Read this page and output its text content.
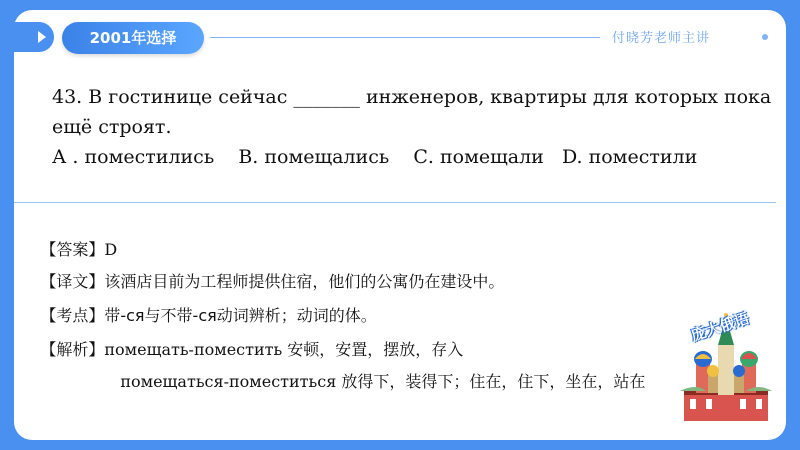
2001年选择	付晓芳老师主讲
43. В гостинице сейчас _______ инженеров, квартиры для которых пока ещё строят.
А . поместились    В. помещались    С. помещали   D. поместили

【答案】D

【译文】该酒店目前为工程师提供住宿，他们的公寓仍在建设中。

【考点】带-ся与不带-ся动词辨析；动词的体。

【解析】помещать-поместить 安顿，安置，摆放，存入

помещаться-поместиться 放得下，装得下；住在，住下，坐在，站在

庞大俄语
